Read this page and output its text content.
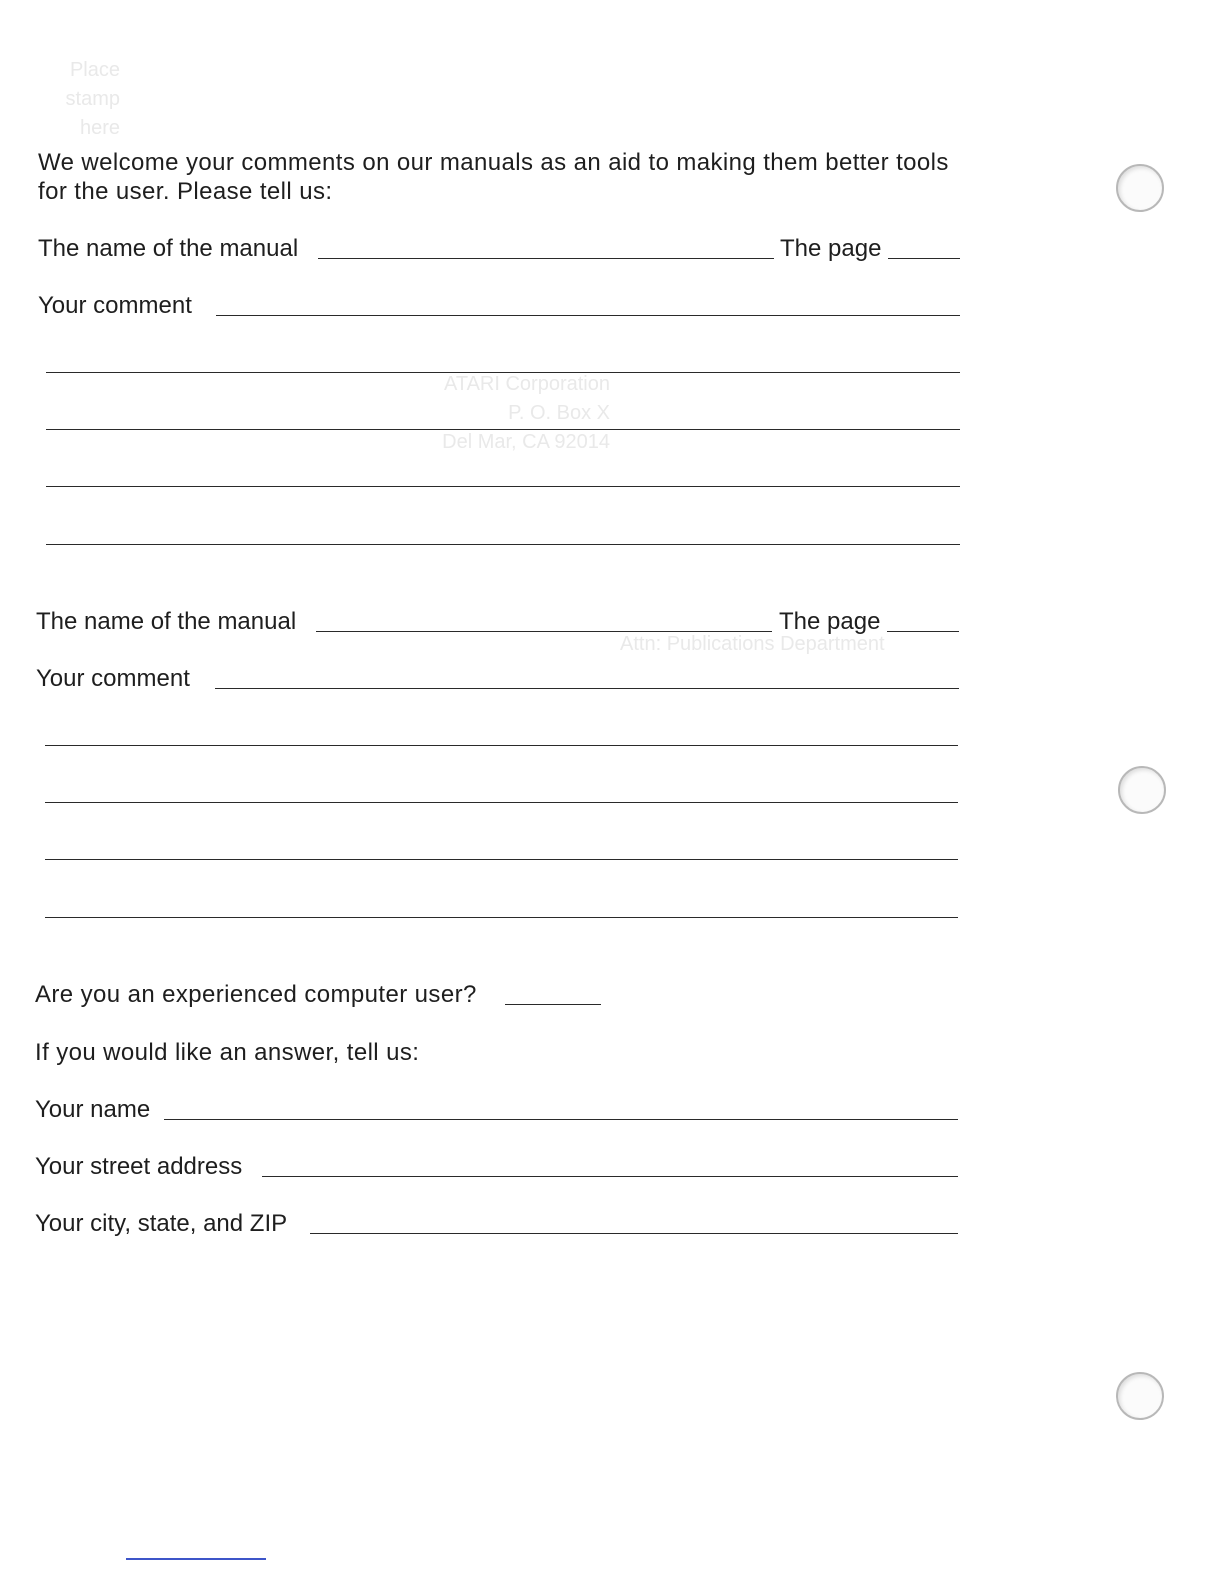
Place
stamp
here
ATARI Corporation
P. O. Box X
Del Mar, CA 92014
Attn: Publications Department
We welcome your comments on our manuals as an aid to making them better tools for the user. Please tell us:
The name of the manual	The page
Your comment
The name of the manual	The page
Your comment
Are you an experienced computer user?
If you would like an answer, tell us:
Your name
Your street address
Your city, state, and ZIP
